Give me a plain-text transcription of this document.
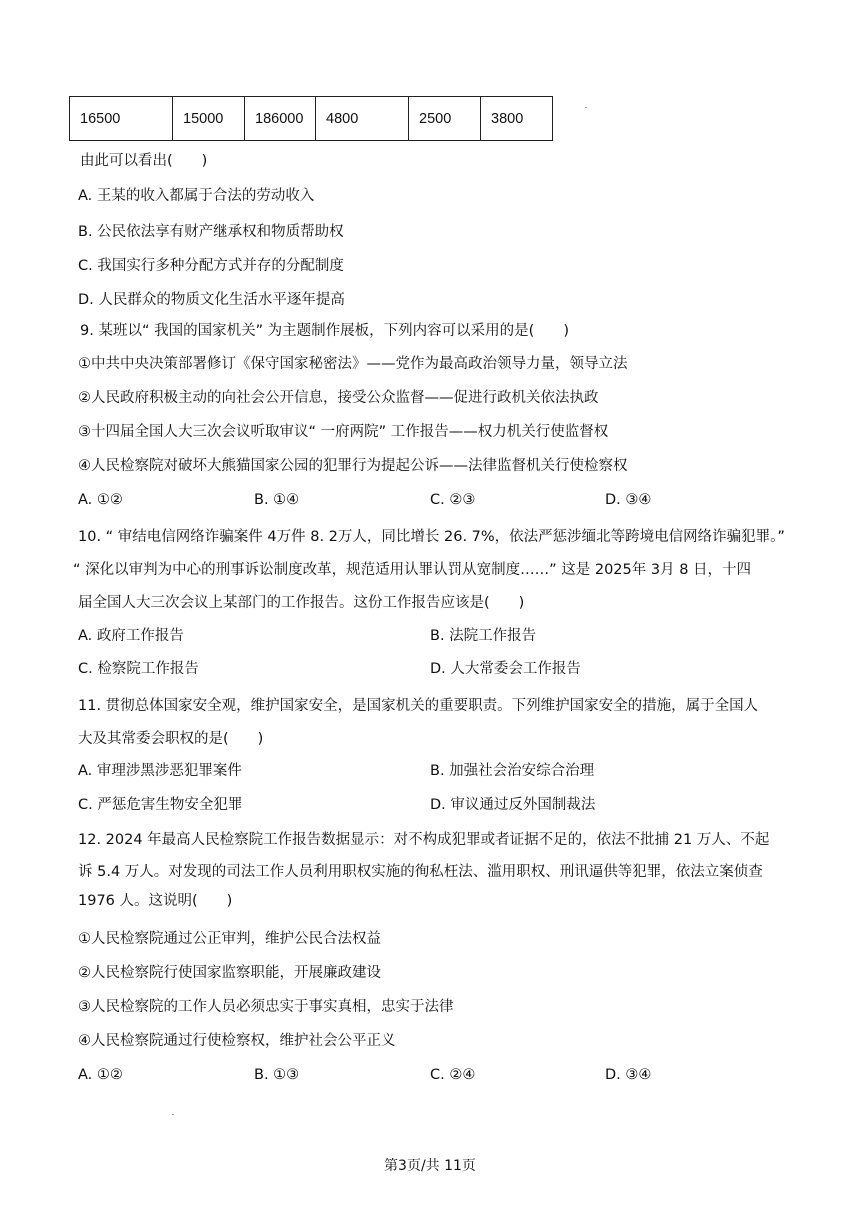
16500	15000	186000	4800	2500	3800
由此可以看出(　　)
A. 王某的收入都属于合法的劳动收入
B. 公民依法享有财产继承权和物质帮助权
C. 我国实行多种分配方式并存的分配制度
D. 人民群众的物质文化生活水平逐年提高
9. 某班以“ 我国的国家机关” 为主题制作展板，下列内容可以采用的是(　　)
①中共中央决策部署修订《保守国家秘密法》——党作为最高政治领导力量，领导立法
②人民政府积极主动的向社会公开信息，接受公众监督——促进行政机关依法执政
③十四届全国人大三次会议听取审议“ 一府两院” 工作报告——权力机关行使监督权
④人民检察院对破坏大熊猫国家公园的犯罪行为提起公诉——法律监督机关行使检察权
A. ①②	B. ①④	C. ②③	D. ③④
10. “ 审结电信网络诈骗案件 4万件 8. 2万人，同比增长 26. 7%，依法严惩涉缅北等跨境电信网络诈骗犯罪。”
“ 深化以审判为中心的刑事诉讼制度改革，规范适用认罪认罚从宽制度……” 这是 2025年 3月 8 日，十四
届全国人大三次会议上某部门的工作报告。这份工作报告应该是(　　)
A. 政府工作报告	B. 法院工作报告
C. 检察院工作报告	D. 人大常委会工作报告
11. 贯彻总体国家安全观，维护国家安全，是国家机关的重要职责。下列维护国家安全的措施，属于全国人
大及其常委会职权的是(　　)
A. 审理涉黑涉恶犯罪案件	B. 加强社会治安综合治理
C. 严惩危害生物安全犯罪	D. 审议通过反外国制裁法
12. 2024 年最高人民检察院工作报告数据显示：对不构成犯罪或者证据不足的，依法不批捕 21 万人、不起
诉 5.4 万人。对发现的司法工作人员利用职权实施的徇私枉法、滥用职权、刑讯逼供等犯罪，依法立案侦查
1976 人。这说明(　　)
①人民检察院通过公正审判，维护公民合法权益
②人民检察院行使国家监察职能，开展廉政建设
③人民检察院的工作人员必须忠实于事实真相，忠实于法律
④人民检察院通过行使检察权，维护社会公平正义
A. ①②	B. ①③	C. ②④	D. ③④
第3页/共 11页
